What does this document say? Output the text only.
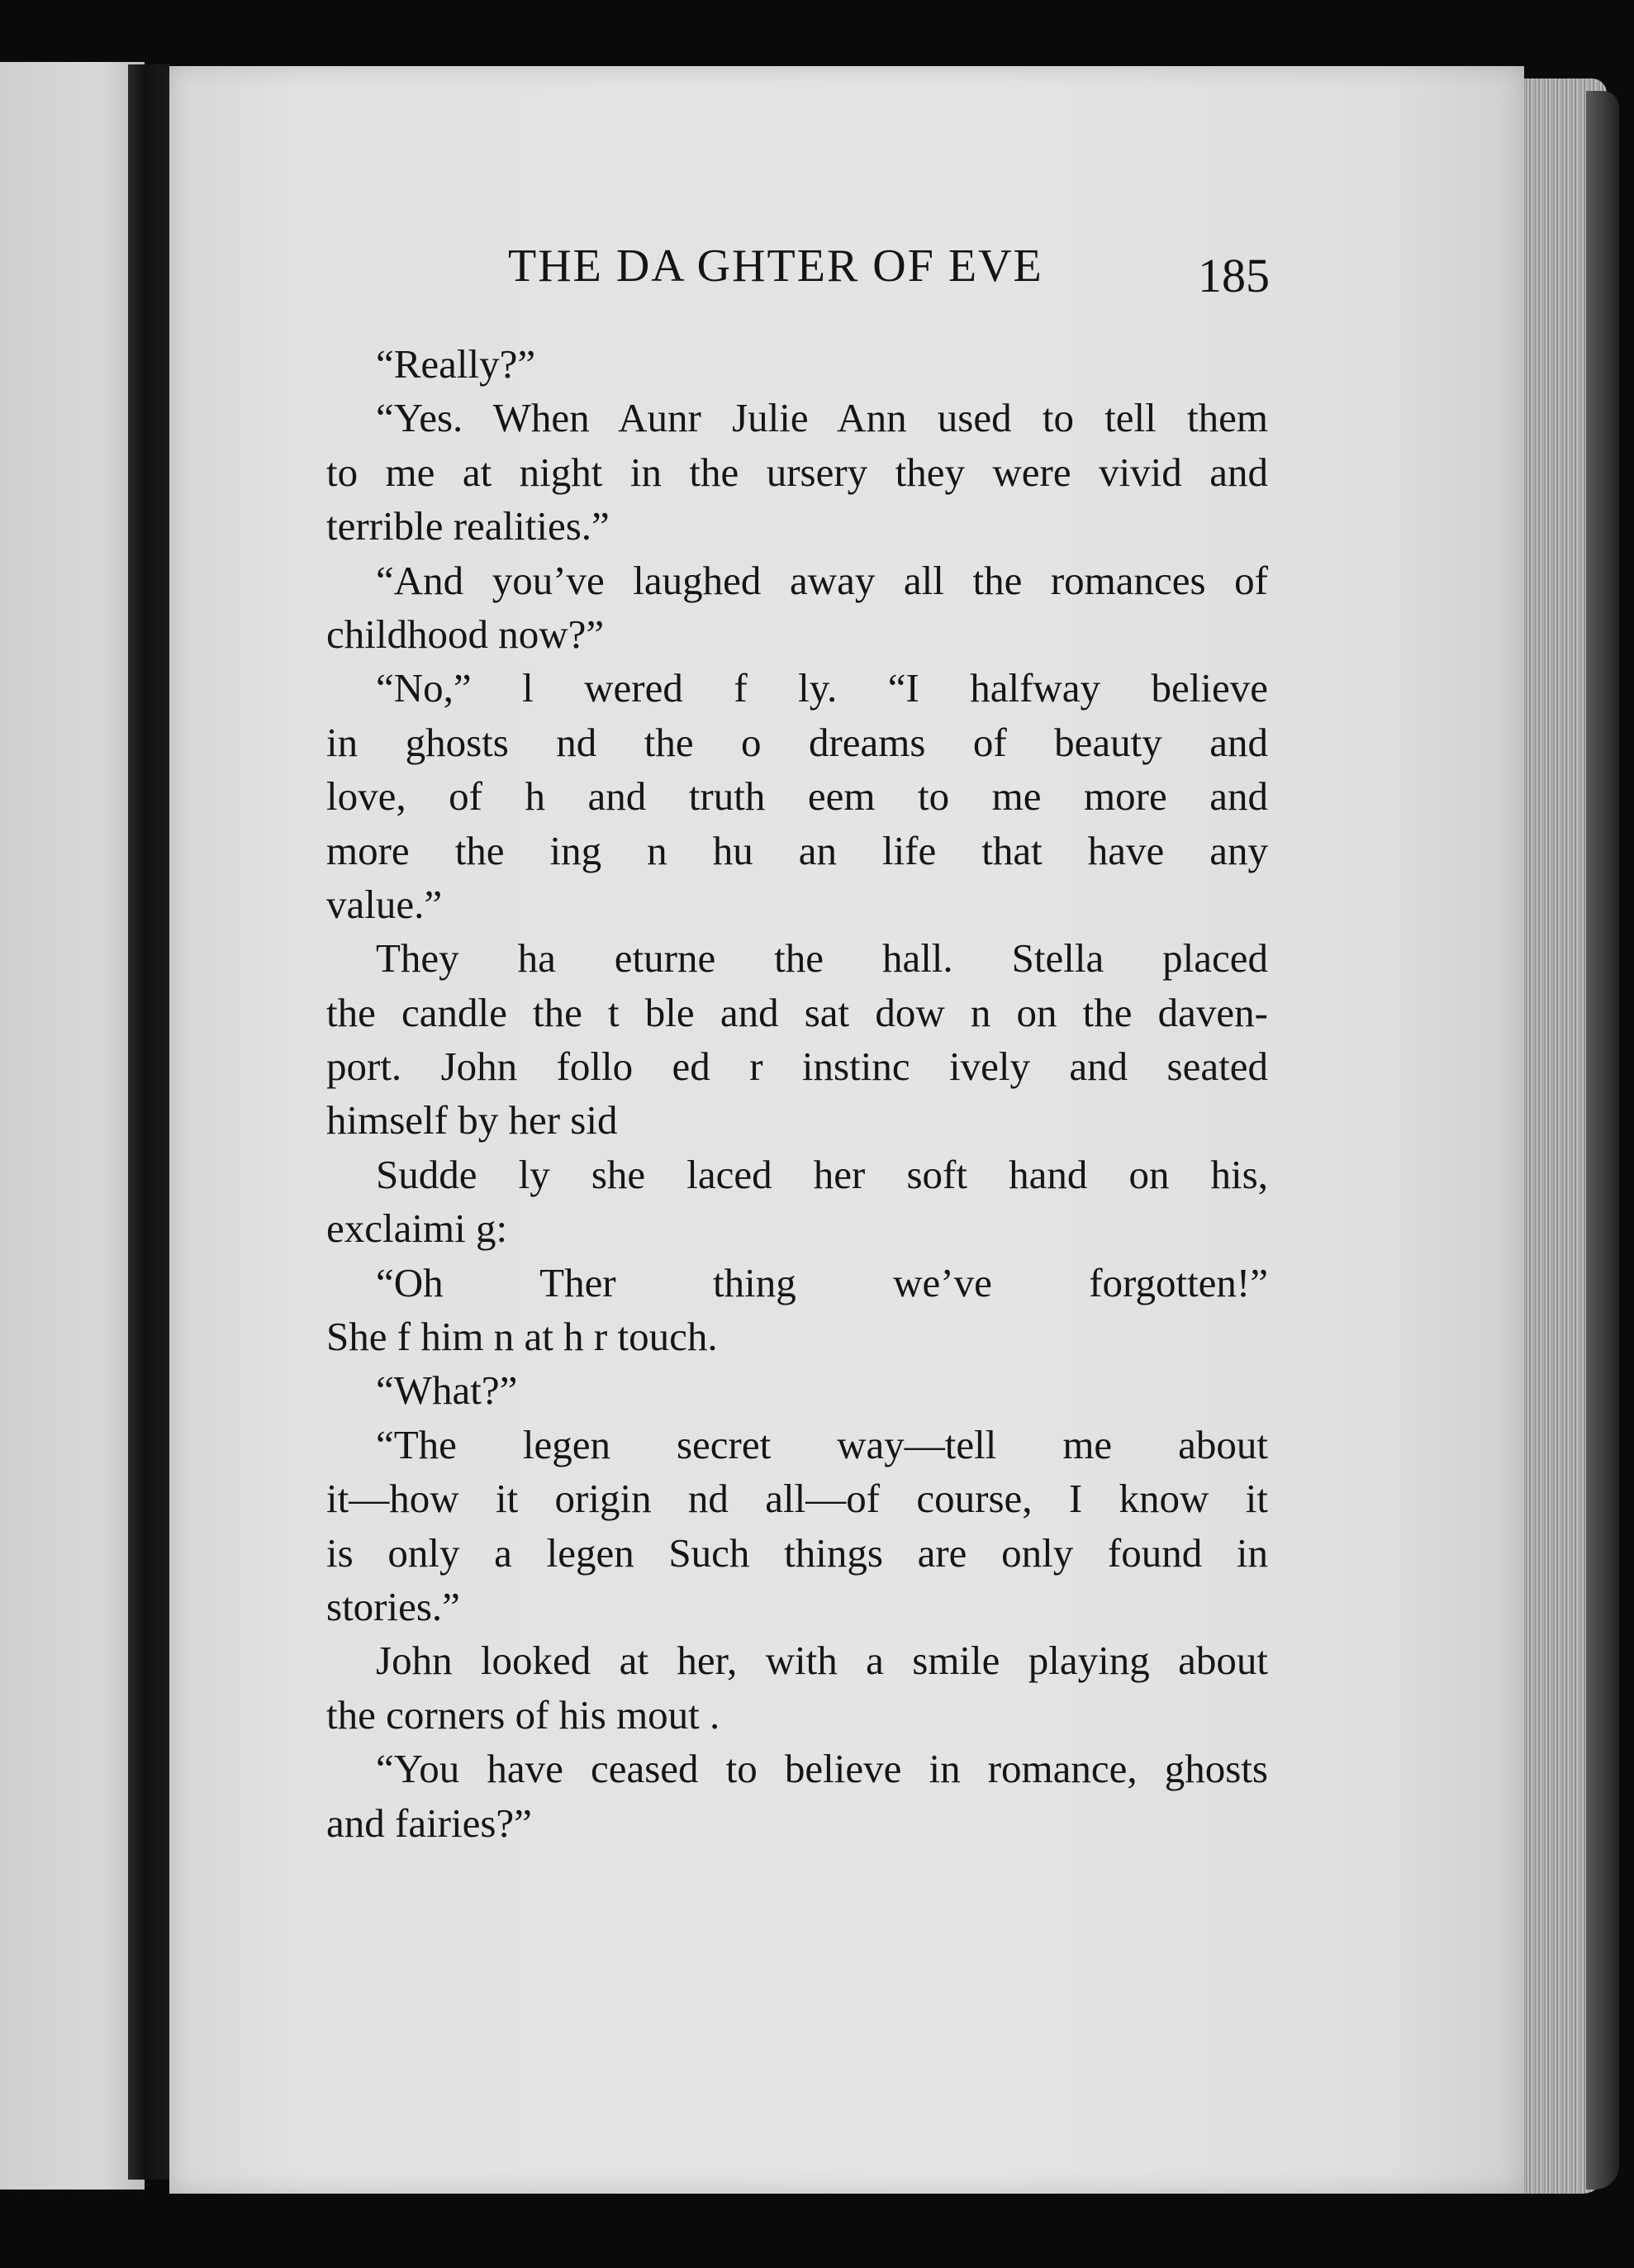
THE DA GHTER OF EVE	185
“Really?”
“Yes. When Aunr Julie Ann used to tell them
to me at night in the ursery they were vivid and
terrible realities.”
“And you’ve laughed away all the romances of
childhood now?”
“No,” l wered f ly. “I halfway believe
in ghosts nd the o dreams of beauty and
love, of h and truth eem to me more and
more the ing n hu an life that have any
value.”
They ha eturne the hall. Stella placed
the candle the t ble and sat dow n on the daven-
port. John follo ed r instinc ively and seated
himself by her sid
Sudde ly she laced her soft hand on his,
exclaimi g:
“Oh Ther thing we’ve forgotten!”
She f him n at h r touch.
“What?”
“The legen secret way—tell me about
it—how it origin nd all—of course, I know it
is only a legen Such things are only found in
stories.”
John looked at her, with a smile playing about
the corners of his mout .
“You have ceased to believe in romance, ghosts
and fairies?”
